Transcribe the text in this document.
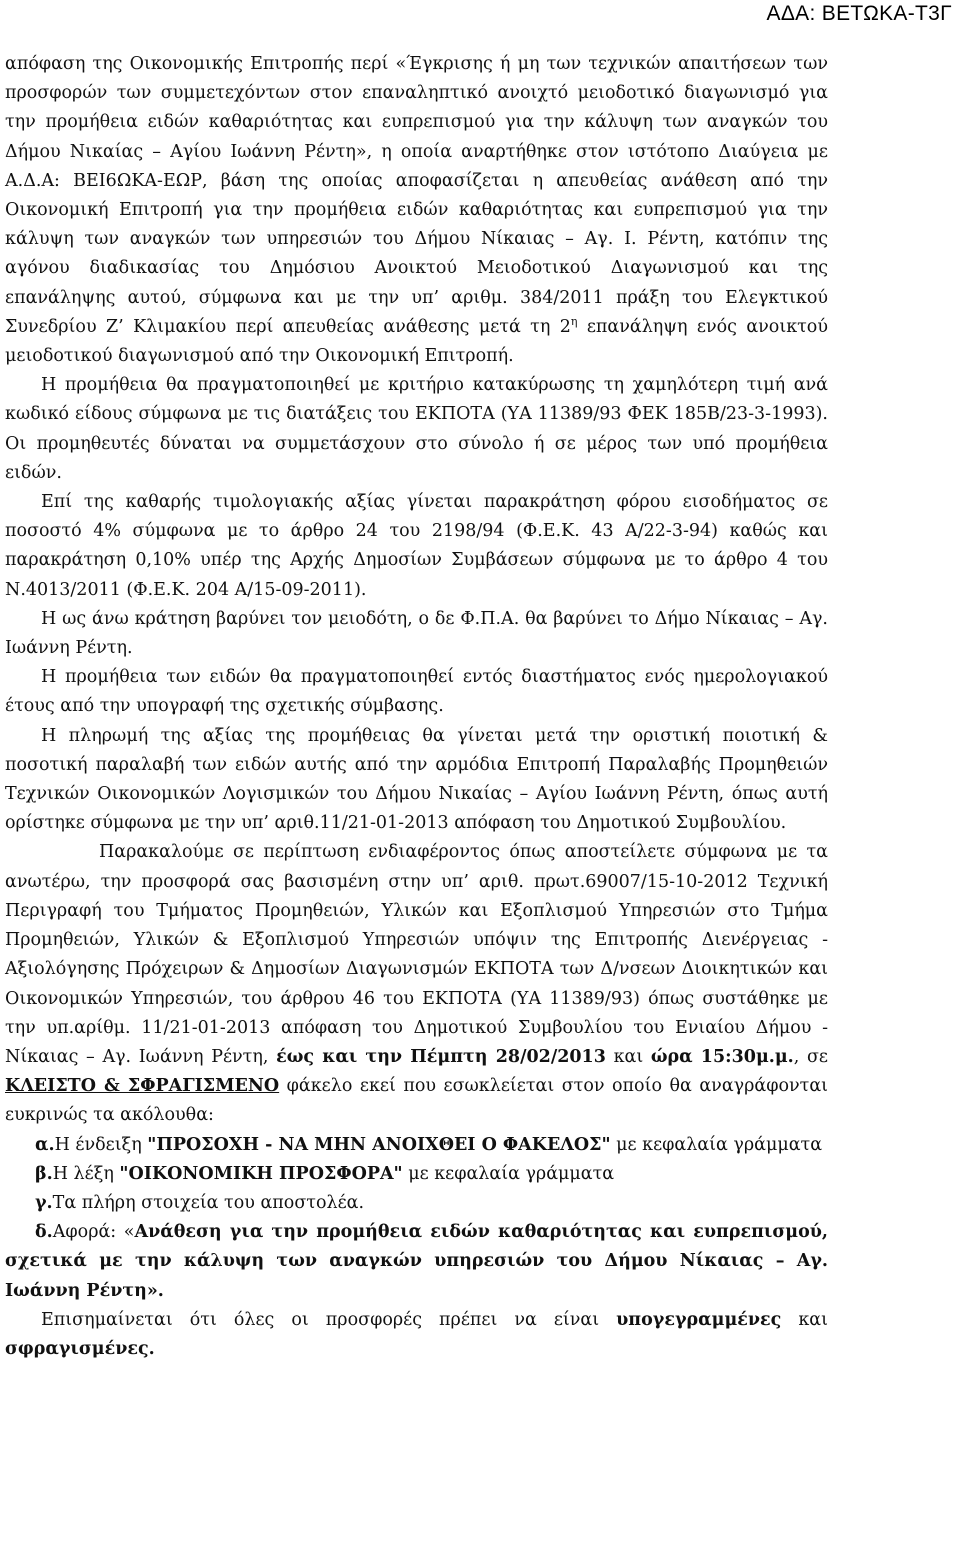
ΑΔΑ: ΒΕΤΩΚΑ-Τ3Γ

απόφαση της Οικονομικής Επιτροπής περί «Έγκρισης ή μη των τεχνικών απαιτήσεων των προσφορών των συμμετεχόντων στον επαναληπτικό ανοιχτό μειοδοτικό διαγωνισμό για την προμήθεια ειδών καθαριότητας και ευπρεπισμού για την κάλυψη των αναγκών του Δήμου Νικαίας – Αγίου Ιωάννη Ρέντη», η οποία αναρτήθηκε στον ιστότοπο Διαύγεια με Α.Δ.Α: ΒΕΙ6ΩΚΑ-ΕΩΡ, βάση της οποίας αποφασίζεται η απευθείας ανάθεση από την Οικονομική Επιτροπή για την προμήθεια ειδών καθαριότητας και ευπρεπισμού για την κάλυψη των αναγκών των υπηρεσιών του Δήμου Νίκαιας – Αγ. Ι. Ρέντη, κατόπιν της αγόνου διαδικασίας του Δημόσιου Ανοικτού Μειοδοτικού Διαγωνισμού και της επανάληψης αυτού, σύμφωνα και με την υπ’ αριθμ. 384/2011 πράξη του Ελεγκτικού Συνεδρίου Ζ’ Κλιμακίου περί απευθείας ανάθεσης μετά τη $2^\eta$ επανάληψη ενός ανοικτού μειοδοτικού διαγωνισμού από την Οικονομική Επιτροπή.

Η προμήθεια θα πραγματοποιηθεί με κριτήριο κατακύρωσης τη χαμηλότερη τιμή ανά κωδικό είδους σύμφωνα με τις διατάξεις του ΕΚΠΟΤΑ (ΥΑ 11389/93 ΦΕΚ 185Β/23-3-1993). Οι προμηθευτές δύναται να συμμετάσχουν στο σύνολο ή σε μέρος των υπό προμήθεια ειδών.

Επί της καθαρής τιμολογιακής αξίας γίνεται παρακράτηση φόρου εισοδήματος σε ποσοστό 4% σύμφωνα με το άρθρο 24 του 2198/94 (Φ.Ε.Κ. 43 Α/22-3-94) καθώς και παρακράτηση 0,10% υπέρ της Αρχής Δημοσίων Συμβάσεων σύμφωνα με το άρθρο 4 του Ν.4013/2011 (Φ.Ε.Κ. 204 Α/15-09-2011).

Η ως άνω κράτηση βαρύνει τον μειοδότη, ο δε Φ.Π.Α. θα βαρύνει το Δήμο Νίκαιας – Αγ. Ιωάννη Ρέντη.

Η προμήθεια των ειδών θα πραγματοποιηθεί εντός διαστήματος ενός ημερολογιακού έτους από την υπογραφή της σχετικής σύμβασης.

Η πληρωμή της αξίας της προμήθειας θα γίνεται μετά την οριστική ποιοτική & ποσοτική παραλαβή των ειδών αυτής από την αρμόδια Επιτροπή Παραλαβής Προμηθειών Τεχνικών Οικονομικών Λογισμικών του Δήμου Νικαίας – Αγίου Ιωάννη Ρέντη, όπως αυτή ορίστηκε σύμφωνα με την υπ’ αριθ.11/21-01-2013 απόφαση του Δημοτικού Συμβουλίου.

Παρακαλούμε σε περίπτωση ενδιαφέροντος όπως αποστείλετε σύμφωνα με τα ανωτέρω, την προσφορά σας βασισμένη στην υπ’ αριθ. πρωτ.69007/15-10-2012 Τεχνική Περιγραφή του Τμήματος Προμηθειών, Υλικών και Εξοπλισμού Υπηρεσιών στο Τμήμα Προμηθειών, Υλικών & Εξοπλισμού Υπηρεσιών υπόψιν της Επιτροπής Διενέργειας - Αξιολόγησης Πρόχειρων & Δημοσίων Διαγωνισμών ΕΚΠΟΤΑ των Δ/νσεων Διοικητικών και Οικονομικών Υπηρεσιών, του άρθρου 46 του ΕΚΠΟΤΑ (ΥΑ 11389/93) όπως συστάθηκε με την υπ.αρίθμ. 11/21-01-2013 απόφαση του Δημοτικού Συμβουλίου του Ενιαίου Δήμου - Νίκαιας – Αγ. Ιωάννη Ρέντη, έως και την Πέμπτη 28/02/2013 και ώρα 15:30μ.μ., σε ΚΛΕΙΣΤΟ & ΣΦΡΑΓΙΣΜΕΝΟ φάκελο εκεί που εσωκλείεται στον οποίο θα αναγράφονται ευκρινώς τα ακόλουθα:

α.Η ένδειξη "ΠΡΟΣΟΧΗ - ΝΑ ΜΗΝ ΑΝΟΙΧΘΕΙ Ο ΦΑΚΕΛΟΣ" με κεφαλαία γράμματα

β.Η λέξη "ΟΙΚΟΝΟΜΙΚΗ ΠΡΟΣΦΟΡΑ" με κεφαλαία γράμματα

γ.Τα πλήρη στοιχεία του αποστολέα.

δ.Αφορά: «Ανάθεση για την προμήθεια ειδών καθαριότητας και ευπρεπισμού, σχετικά με την κάλυψη των αναγκών υπηρεσιών του Δήμου Νίκαιας – Αγ. Ιωάννη Ρέντη».

Επισημαίνεται ότι όλες οι προσφορές πρέπει να είναι υπογεγραμμένες και σφραγισμένες.
